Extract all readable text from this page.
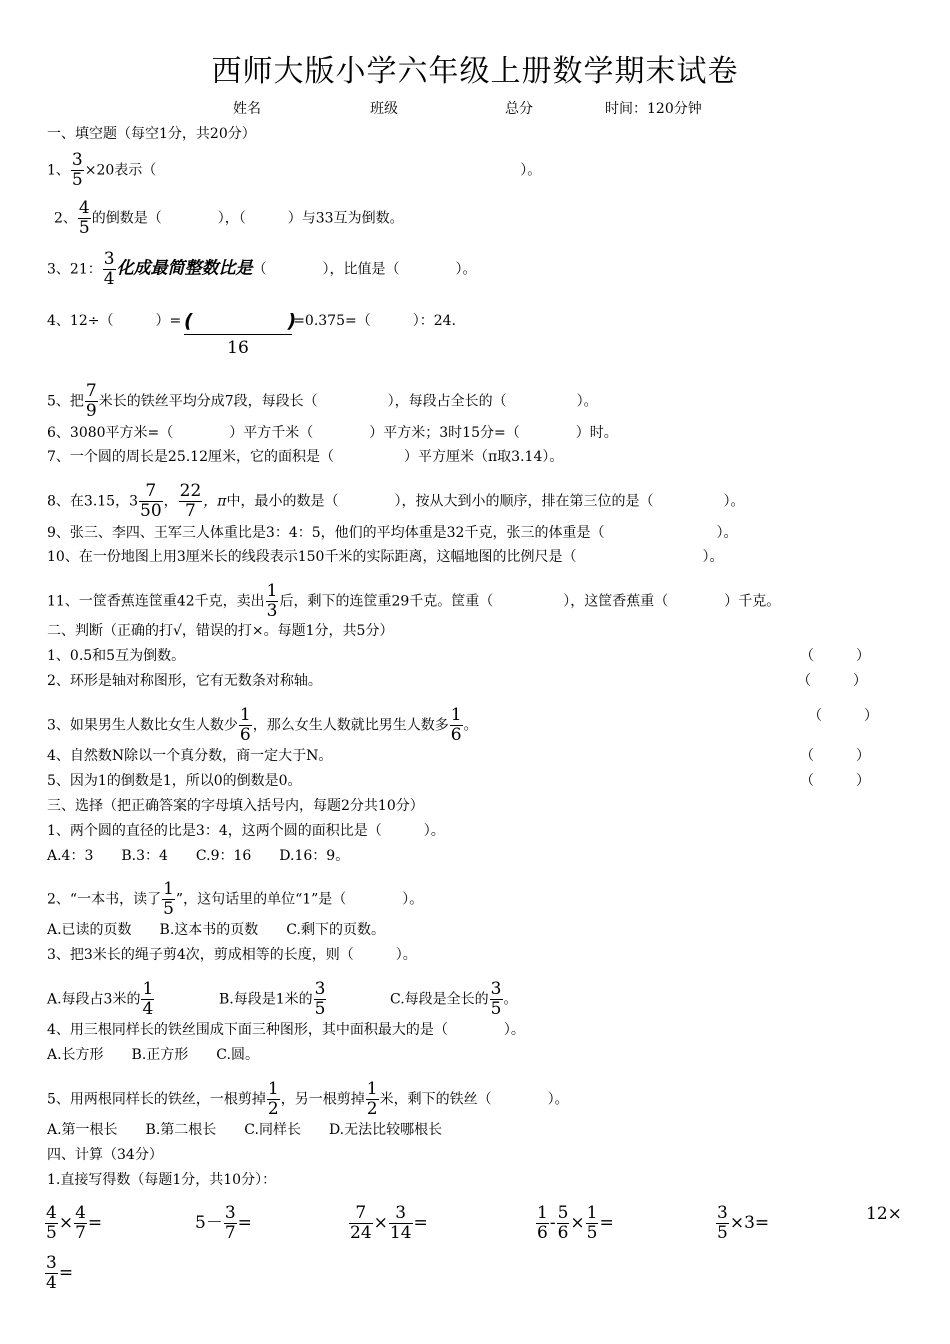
西师大版小学六年级上册数学期末试卷
姓名	班级	总分	时间：120分钟
一、填空题（每空1分，共20分）
1、 $\frac{3}{5} \times 20$表示（　　　　　　　　　　　　　　　　　　　　　　　　　　）。
2、 $\frac{4}{5}$ 的倒数是（　　　　），（　　　）与33互为倒数。
3、21： $\frac{3}{4}$ 化成最简整数比是（　　　　），比值是（　　　　）。
4、12÷（　　　）=	=0.375=（　　　）：24.
(　　　　　)
16
5、把 $\frac{7}{9}$ 米长的铁丝平均分成7段，每段长（　　　　　），每段占全长的（　　　　　）。
6、3080平方米=（　　　　）平方千米（　　　　）平方米；3时15分=（　　　　）时。
7、一个圆的周长是25.12厘米，它的面积是（　　　　　）平方厘米（π取3.14）。
8、在3.15，$3 \frac{7}{50}$ ， $\frac{22}{7}$ ，π中，最小的数是（　　　　），按从大到小的顺序，排在第三位的是（　　　　　）。
9、张三、李四、王军三人体重比是3：4：5，他们的平均体重是32千克，张三的体重是（　　　　　　　　）。
10、在一份地图上用3厘米长的线段表示150千米的实际距离，这幅地图的比例尺是（　　　　　　　　　）。
11、一筐香蕉连筐重42千克，卖出 $\frac{1}{3}$ 后，剩下的连筐重29千克。筐重（　　　　　），这筐香蕉重（　　　　）千克。
二、判断（正确的打√，错误的打×。每题1分，共5分）
1、0.5和5互为倒数。	（　　　）
2、环形是轴对称图形，它有无数条对称轴。	（　　　）
3、如果男生人数比女生人数少 $\frac{1}{6}$ ，那么女生人数就比男生人数多 $\frac{1}{6}$ 。
（　　　）
4、自然数N除以一个真分数，商一定大于N。	（　　　）
5、因为1的倒数是1，所以0的倒数是0。	（　　　）
三、选择（把正确答案的字母填入括号内，每题2分共10分）
1、两个圆的直径的比是3：4，这两个圆的面积比是（　　　）。
A.4：3　　B.3：4　　C.9：16　　D.16：9。
2、“一本书，读了 $\frac{1}{5}$ ”，这句话里的单位“1”是（　　　　）。
A.已读的页数　　B.这本书的页数　　C.剩下的页数。
3、把3米长的绳子剪4次，剪成相等的长度，则（　　　）。
A.每段占3米的 $\frac{1}{4}$	B.每段是1米的 $\frac{3}{5}$	C.每段是全长的 $\frac{3}{5}$ 。
4、用三根同样长的铁丝围成下面三种图形，其中面积最大的是（　　　　）。
A.长方形　　B.正方形　　C.圆。
5、用两根同样长的铁丝，一根剪掉 $\frac{1}{2}$ ，另一根剪掉 $\frac{1}{2}$ 米，剩下的铁丝（　　　　）。
A.第一根长　　B.第二根长　　C.同样长　　D.无法比较哪根长
四、计算（34分）
1.直接写得数（每题1分，共10分）：
$\frac{4}{5} \times \frac{4}{7}$ =	$5- \frac{3}{7}$ =	$\frac{7}{24} \times \frac{3}{14}$ =	$\frac{1}{6} - \frac{5}{6} \times \frac{1}{5}$ =	$\frac{3}{5} \times 3=$	12×
$\frac{3}{4}$ =
